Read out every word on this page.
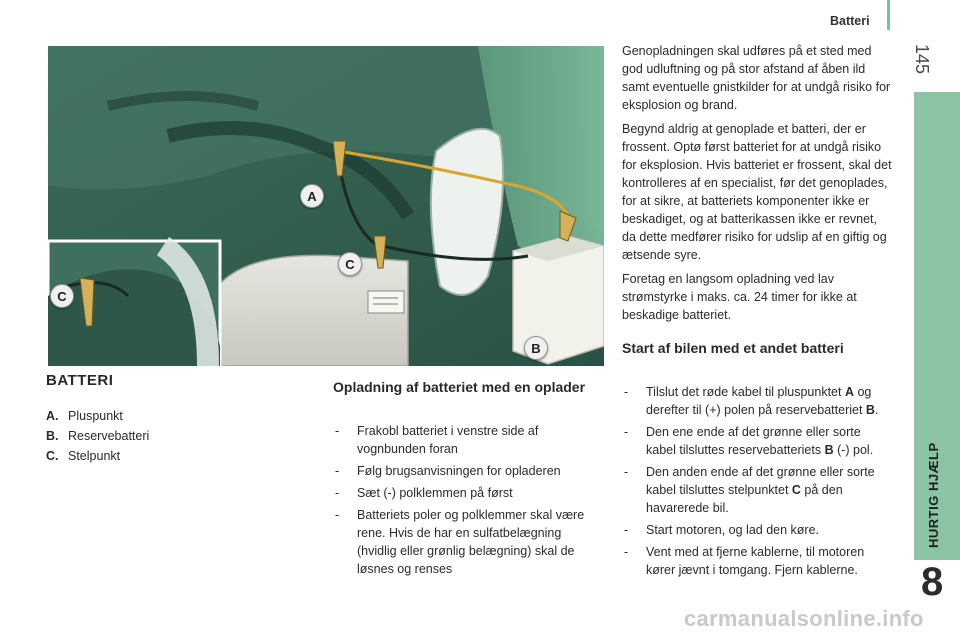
Batteri
145
HURTIG HJÆLP
8
A
C
C
B
BATTERI
A. Pluspunkt
B. Reservebatteri
C. Stelpunkt
Opladning af batteriet med en oplader
- Frakobl batteriet i venstre side af vognbunden foran
- Følg brugsanvisningen for opladeren
- Sæt (-) polklemmen på først
- Batteriets poler og polklemmer skal være rene. Hvis de har en sulfatbelægning (hvidlig eller grønlig belægning) skal de løsnes og renses

Genopladningen skal udføres på et sted med god udluftning og på stor afstand af åben ild samt eventuelle gnistkilder for at undgå risiko for eksplosion og brand.

Begynd aldrig at genoplade et batteri, der er frossent. Optø først batteriet for at undgå risiko for eksplosion. Hvis batteriet er frossent, skal det kontrolleres af en specialist, før det genoplades, for at sikre, at batteriets komponenter ikke er beskadiget, og at batterikassen ikke er revnet, da dette medfører risiko for udslip af en giftig og ætsende syre.

Foretag en langsom opladning ved lav strømstyrke i maks. ca. 24 timer for ikke at beskadige batteriet.

Start af bilen med et andet batteri
- Tilslut det røde kabel til pluspunktet A og derefter til (+) polen på reservebatteriet B.
- Den ene ende af det grønne eller sorte kabel tilsluttes reservebatteriets B (-) pol.
- Den anden ende af det grønne eller sorte kabel tilsluttes stelpunktet C på den havarerede bil.
- Start motoren, og lad den køre.
- Vent med at fjerne kablerne, til motoren kører jævnt i tomgang. Fjern kablerne.
carmanualsonline.info
